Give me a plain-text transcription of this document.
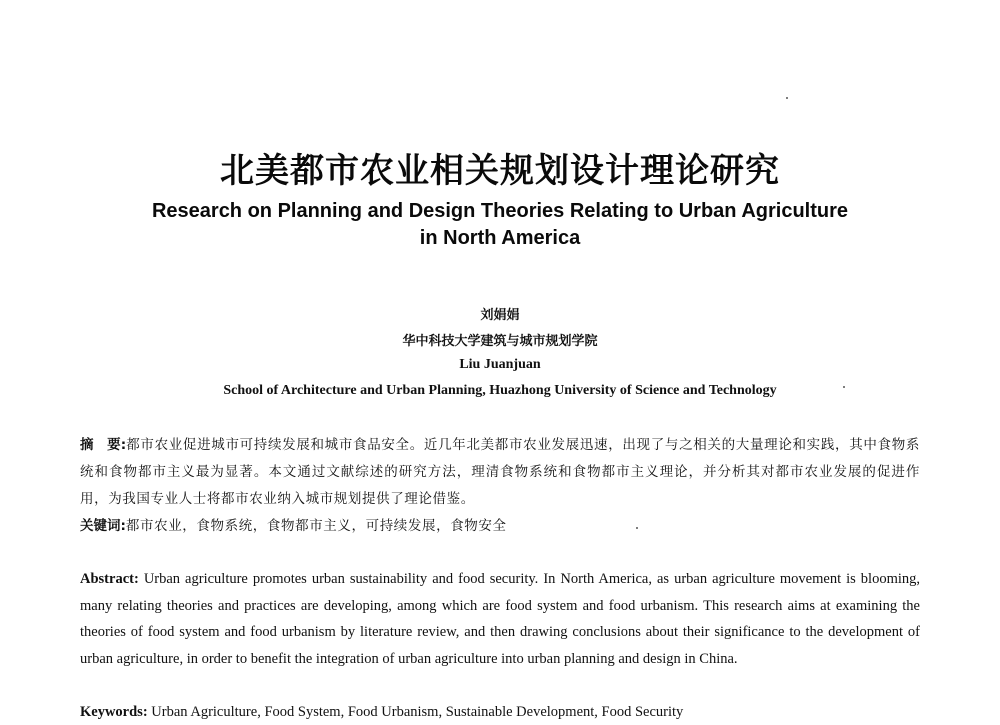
北美都市农业相关规划设计理论研究
Research on Planning and Design Theories Relating to Urban Agriculture in North America
刘娟娟
华中科技大学建筑与城市规划学院
Liu Juanjuan
School of Architecture and Urban Planning, Huazhong University of Science and Technology
摘　要:都市农业促进城市可持续发展和城市食品安全。近几年北美都市农业发展迅速，出现了与之相关的大量理论和实践，其中食物系统和食物都市主义最为显著。本文通过文献综述的研究方法，理清食物系统和食物都市主义理论，并分析其对都市农业发展的促进作用，为我国专业人士将都市农业纳入城市规划提供了理论借鉴。
关键词:都市农业，食物系统，食物都市主义，可持续发展，食物安全
Abstract: Urban agriculture promotes urban sustainability and food security. In North America, as urban agriculture movement is blooming, many relating theories and practices are developing, among which are food system and food urbanism. This research aims at examining the theories of food system and food urbanism by literature review, and then drawing conclusions about their significance to the development of urban agriculture, in order to benefit the integration of urban agriculture into urban planning and design in China.
Keywords: Urban Agriculture, Food System, Food Urbanism, Sustainable Development, Food Security
